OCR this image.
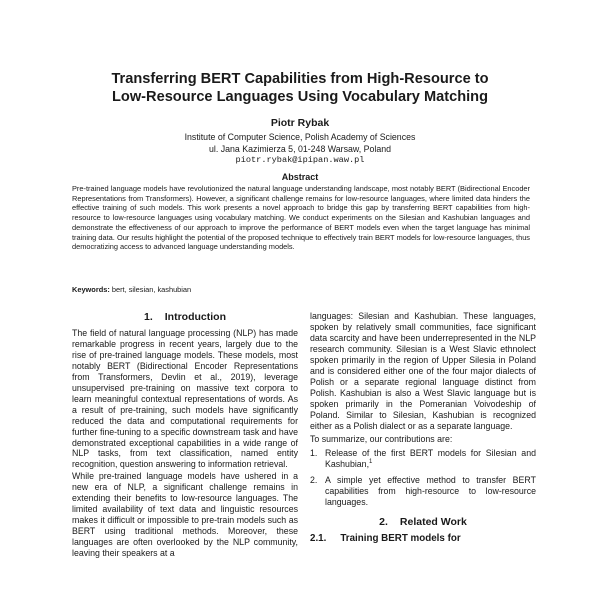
Transferring BERT Capabilities from High-Resource to
Low-Resource Languages Using Vocabulary Matching
Piotr Rybak
Institute of Computer Science, Polish Academy of Sciences
ul. Jana Kazimierza 5, 01-248 Warsaw, Poland
piotr.rybak@ipipan.waw.pl
Abstract

Pre-trained language models have revolutionized the natural language understanding landscape, most notably BERT (Bidirectional Encoder Representations from Transformers). However, a significant challenge remains for low-resource languages, where limited data hinders the effective training of such models. This work presents a novel approach to bridge this gap by transferring BERT capabilities from high-resource to low-resource languages using vocabulary matching. We conduct experiments on the Silesian and Kashubian languages and demonstrate the effectiveness of our approach to improve the performance of BERT models even when the target language has minimal training data. Our results highlight the potential of the proposed technique to effectively train BERT models for low-resource languages, thus democratizing access to advanced language understanding models.

Keywords: bert, silesian, kashubian
1. Introduction

The field of natural language processing (NLP) has made remarkable progress in recent years, largely due to the rise of pre-trained language models. These models, most notably BERT (Bidirectional Encoder Representations from Transformers, Devlin et al., 2019), leverage unsupervised pre-training on massive text corpora to learn meaningful contextual representations of words. As a result of pre-training, such models have significantly reduced the data and computational requirements for further fine-tuning to a specific downstream task and have demonstrated exceptional capabilities in a wide range of NLP tasks, from text classification, named entity recognition, question answering to information retrieval.

While pre-trained language models have ushered in a new era of NLP, a significant challenge remains in extending their benefits to low-resource languages. The limited availability of text data and linguistic resources makes it difficult or impossible to pre-train models such as BERT using traditional methods. Moreover, these languages are often overlooked by the NLP community, leaving their speakers at a

languages: Silesian and Kashubian. These languages, spoken by relatively small communities, face significant data scarcity and have been underrepresented in the NLP research community. Silesian is a West Slavic ethnolect spoken primarily in the region of Upper Silesia in Poland and is considered either one of the four major dialects of Polish or a separate regional language distinct from Polish. Kashubian is also a West Slavic language but is spoken primarily in the Pomeranian Voivodeship of Poland. Similar to Silesian, Kashubian is recognized either as a Polish dialect or as a separate language.

To summarize, our contributions are:

1. Release of the first BERT models for Silesian and Kashubian,$^1$
2. A simple yet effective method to transfer BERT capabilities from high-resource to low-resource languages.
2. Related Work
2.1. Training BERT models for
